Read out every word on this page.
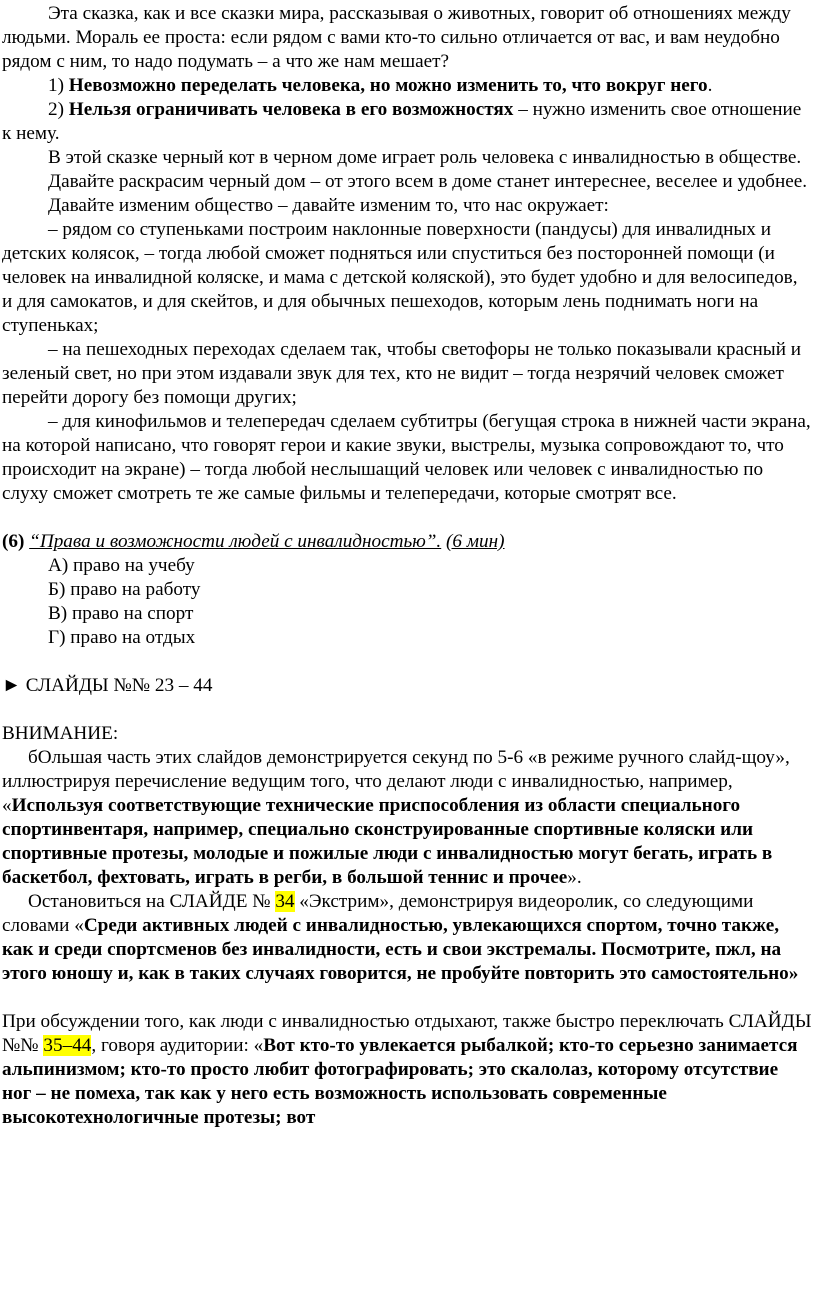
Эта сказка, как и все сказки мира, рассказывая о животных, говорит об отношениях между людьми. Мораль ее проста: если рядом с вами кто-то сильно отличается от вас, и вам неудобно рядом с ним, то надо подумать – а что же нам мешает?

1) Невозможно переделать человека, но можно изменить то, что вокруг него.

2) Нельзя ограничивать человека в его возможностях – нужно изменить свое отношение к нему.

В этой сказке черный кот в черном доме играет роль человека с инвалидностью в обществе.

Давайте раскрасим черный дом – от этого всем в доме станет интереснее, веселее и удобнее.

Давайте изменим общество – давайте изменим то, что нас окружает:

– рядом со ступеньками построим наклонные поверхности (пандусы) для инвалидных и детских колясок, – тогда любой сможет подняться или спуститься без посторонней помощи (и человек на инвалидной коляске, и мама с детской коляской), это будет удобно и для велосипедов, и для самокатов, и для скейтов, и для обычных пешеходов, которым лень поднимать ноги на ступеньках;

– на пешеходных переходах сделаем так, чтобы светофоры не только показывали красный и зеленый свет, но при этом издавали звук для тех, кто не видит – тогда незрячий человек сможет перейти дорогу без помощи других;

– для кинофильмов и телепередач сделаем субтитры (бегущая строка в нижней части экрана, на которой написано, что говорят герои и какие звуки, выстрелы, музыка сопровождают то, что происходит на экране) – тогда любой неслышащий человек или человек с инвалидностью по слуху сможет смотреть те же самые фильмы и телепередачи, которые смотрят все.

(6) “Права и возможности людей с инвалидностью”. (6 мин)

А) право на учебу

Б) право на работу

В) право на спорт

Г) право на отдых

► СЛАЙДЫ №№ 23 – 44

ВНИМАНИЕ:

бОльшая часть этих слайдов демонстрируется секунд по 5-6 «в режиме ручного слайд-щоу», иллюстрируя перечисление ведущим того, что делают люди с инвалидностью, например, «Используя соответствующие технические приспособления из области специального спортинвентаря, например, специально сконструированные спортивные коляски или спортивные протезы, молодые и пожилые люди с инвалидностью могут бегать, играть в баскетбол, фехтовать, играть в регби, в большой теннис и прочее».

Остановиться на СЛАЙДЕ № 34 «Экстрим», демонстрируя видеоролик, со следующими словами «Среди активных людей с инвалидностью, увлекающихся спортом, точно также, как и среди спортсменов без инвалидности, есть и свои экстремалы. Посмотрите, пжл, на этого юношу и, как в таких случаях говорится, не пробуйте повторить это самостоятельно»

При обсуждении того, как люди с инвалидностью отдыхают, также быстро переключать СЛАЙДЫ №№ 35–44, говоря аудитории: «Вот кто-то увлекается рыбалкой; кто-то серьезно занимается альпинизмом; кто-то просто любит фотографировать; это скалолаз, которому отсутствие ног – не помеха, так как у него есть возможность использовать современные высокотехнологичные протезы; вот
